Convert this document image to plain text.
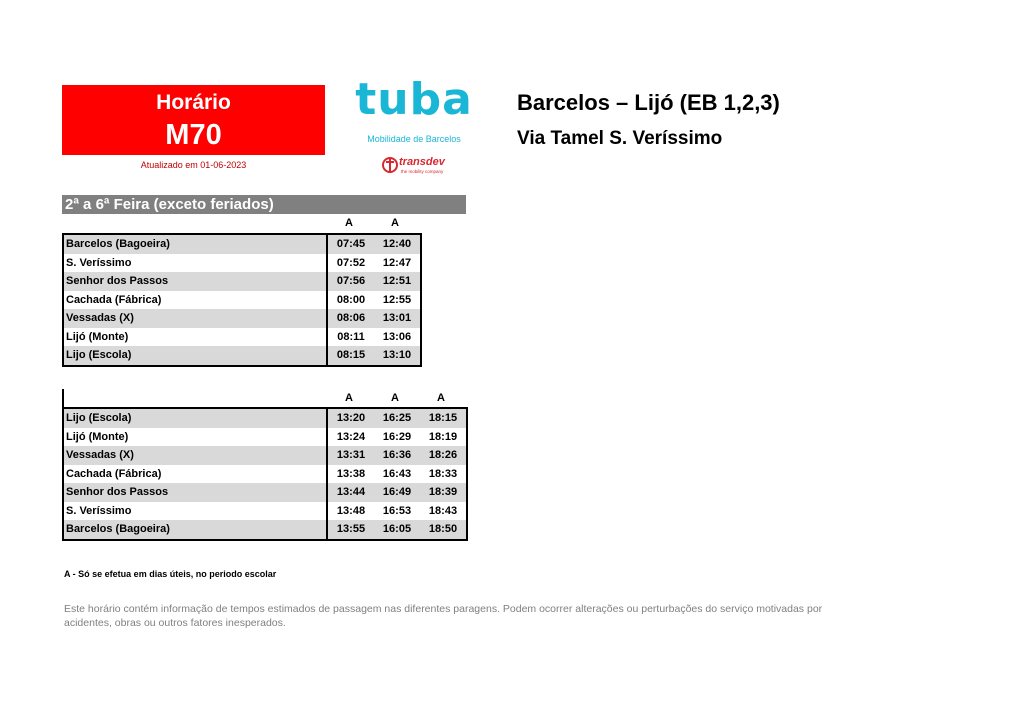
Horário
M70
Atualizado em 01-06-2023
tuba
Mobilidade de Barcelos
transdev
the mobility company
Barcelos – Lijó (EB 1,2,3)
Via Tamel S. Veríssimo
2ª a 6ª Feira (exceto feriados)
A	A
Barcelos (Bagoeira)	07:45	12:40
S. Veríssimo	07:52	12:47
Senhor dos Passos	07:56	12:51
Cachada (Fábrica)	08:00	12:55
Vessadas (X)	08:06	13:01
Lijó (Monte)	08:11	13:06
Lijo (Escola)	08:15	13:10
A	A	A
Lijo (Escola)	13:20	16:25	18:15
Lijó (Monte)	13:24	16:29	18:19
Vessadas (X)	13:31	16:36	18:26
Cachada (Fábrica)	13:38	16:43	18:33
Senhor dos Passos	13:44	16:49	18:39
S. Veríssimo	13:48	16:53	18:43
Barcelos (Bagoeira)	13:55	16:05	18:50
A - Só se efetua em dias úteis, no periodo escolar
Este horário contém informação de tempos estimados de passagem nas diferentes paragens. Podem ocorrer alterações ou perturbações do serviço motivadas por acidentes, obras ou outros fatores inesperados.
